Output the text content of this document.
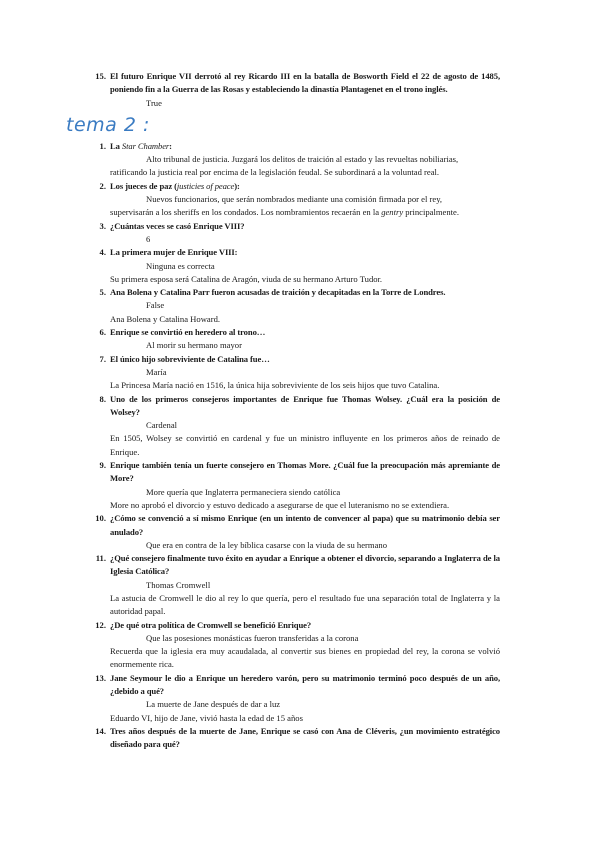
15. El futuro Enrique VII derrotó al rey Ricardo III en la batalla de Bosworth Field el 22 de agosto de 1485, poniendo fin a la Guerra de las Rosas y estableciendo la dinastía Plantagenet en el trono inglés.
True
tema 2 :
1. La Star Chamber:
Alto tribunal de justicia. Juzgará los delitos de traición al estado y las revueltas nobiliarias,
ratificando la justicia real por encima de la legislación feudal. Se subordinará a la voluntad real.
2. Los jueces de paz (justicies of peace):
Nuevos funcionarios, que serán nombrados mediante una comisión firmada por el rey,
supervisarán a los sheriffs en los condados. Los nombramientos recaerán en la gentry principalmente.
3. ¿Cuántas veces se casó Enrique VIII?
6
4. La primera mujer de Enrique VIII:
Ninguna es correcta
Su primera esposa será Catalina de Aragón, viuda de su hermano Arturo Tudor.
5. Ana Bolena y Catalina Parr fueron acusadas de traición y decapitadas en la Torre de Londres.
False
Ana Bolena y Catalina Howard.
6. Enrique se convirtió en heredero al trono…
Al morir su hermano mayor
7. El único hijo sobreviviente de Catalina fue…
María
La Princesa María nació en 1516, la única hija sobreviviente de los seis hijos que tuvo Catalina.
8. Uno de los primeros consejeros importantes de Enrique fue Thomas Wolsey. ¿Cuál era la posición de Wolsey?
Cardenal
En 1505, Wolsey se convirtió en cardenal y fue un ministro influyente en los primeros años de reinado de Enrique.
9. Enrique también tenía un fuerte consejero en Thomas More. ¿Cuál fue la preocupación más apremiante de More?
More quería que Inglaterra permaneciera siendo católica
More no aprobó el divorcio y estuvo dedicado a asegurarse de que el luteranismo no se extendiera.
10. ¿Cómo se convenció a sí mismo Enrique (en un intento de convencer al papa) que su matrimonio debía ser anulado?
Que era en contra de la ley bíblica casarse con la viuda de su hermano
11. ¿Qué consejero finalmente tuvo éxito en ayudar a Enrique a obtener el divorcio, separando a Inglaterra de la Iglesia Católica?
Thomas Cromwell
La astucia de Cromwell le dio al rey lo que quería, pero el resultado fue una separación total de Inglaterra y la autoridad papal.
12. ¿De qué otra política de Cromwell se benefició Enrique?
Que las posesiones monásticas fueron transferidas a la corona
Recuerda que la iglesia era muy acaudalada, al convertir sus bienes en propiedad del rey, la corona se volvió enormemente rica.
13. Jane Seymour le dio a Enrique un heredero varón, pero su matrimonio terminó poco después de un año, ¿debido a qué?
La muerte de Jane después de dar a luz
Eduardo VI, hijo de Jane, vivió hasta la edad de 15 años
14. Tres años después de la muerte de Jane, Enrique se casó con Ana de Cléveris, ¿un movimiento estratégico diseñado para qué?
